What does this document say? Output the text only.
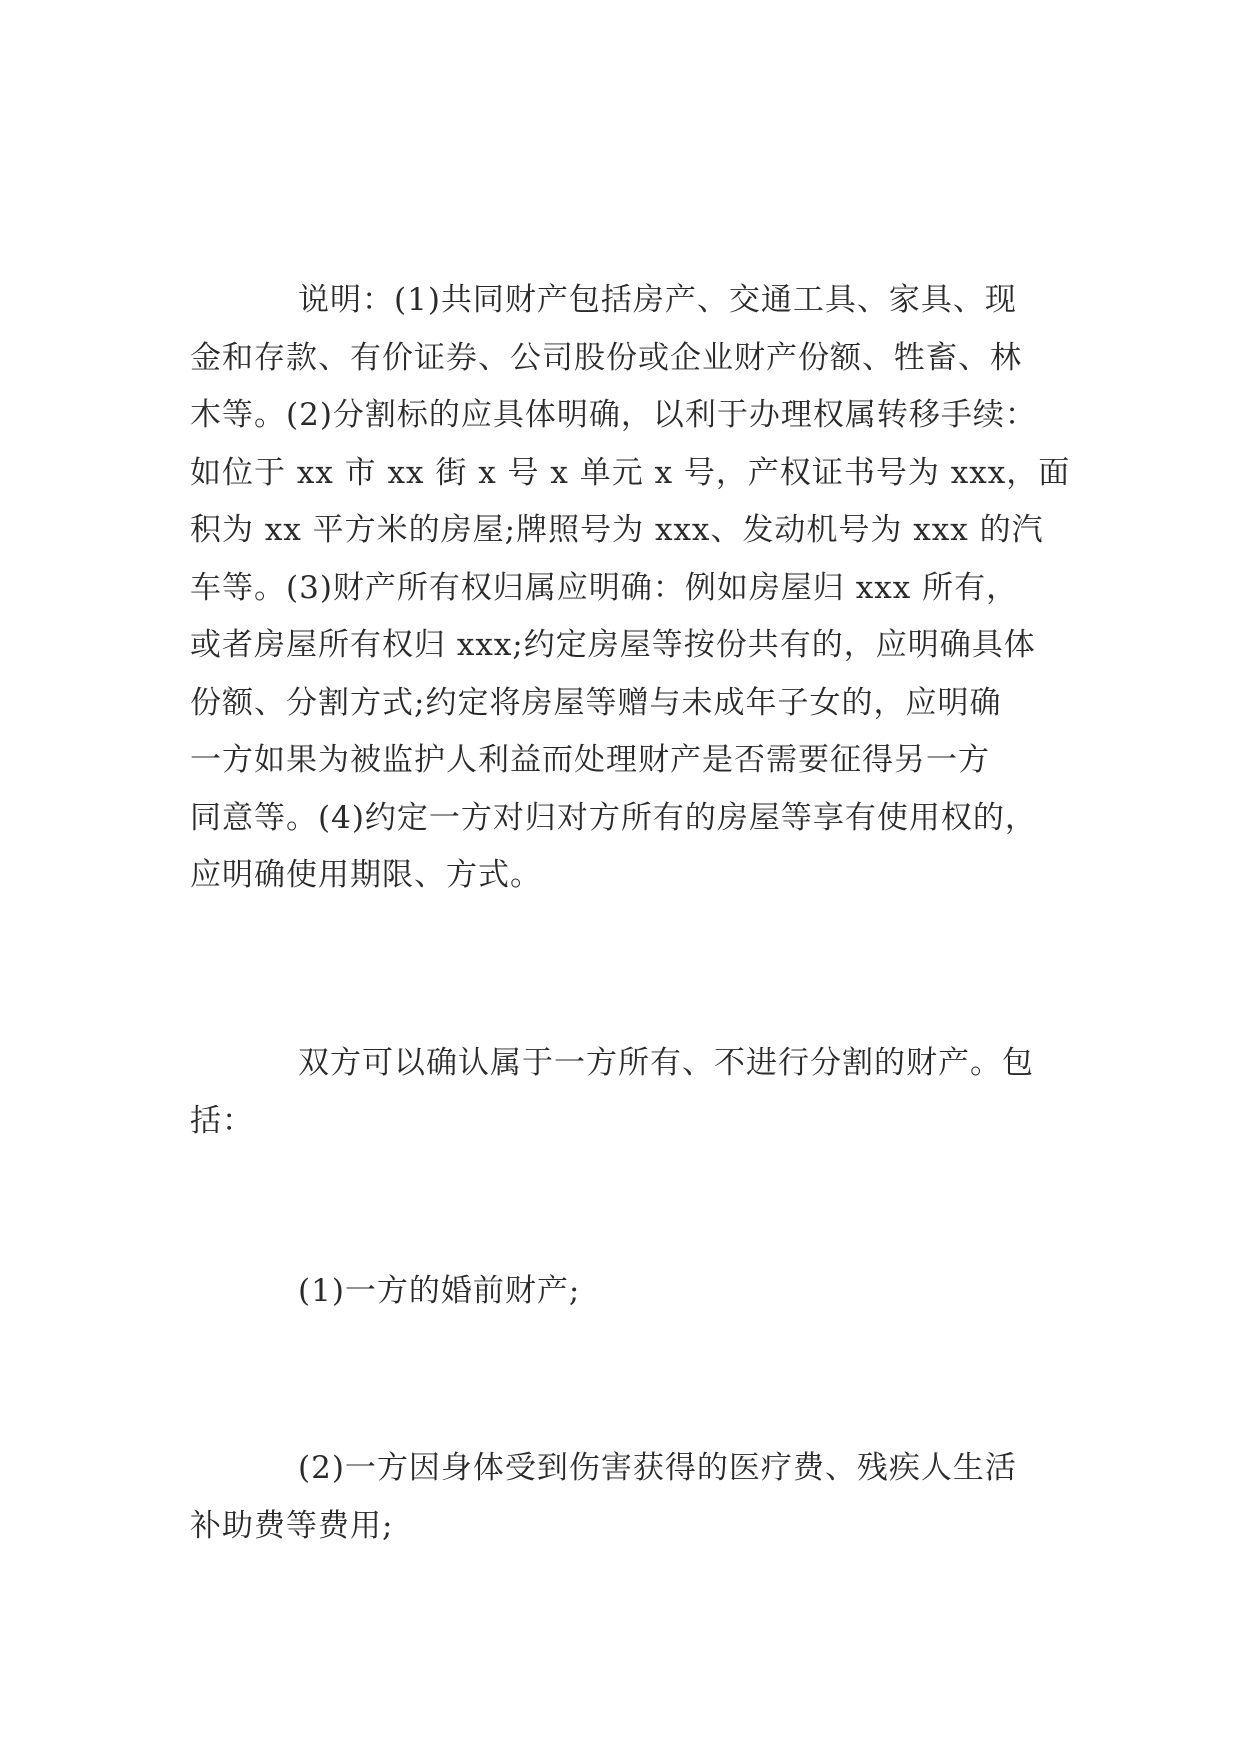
说明：(1)共同财产包括房产、交通工具、家具、现
金和存款、有价证券、公司股份或企业财产份额、牲畜、林
木等。(2)分割标的应具体明确，以利于办理权属转移手续：
如位于 xx 市 xx 街 x 号 x 单元 x 号，产权证书号为 xxx，面
积为 xx 平方米的房屋;牌照号为 xxx、发动机号为 xxx 的汽
车等。(3)财产所有权归属应明确：例如房屋归 xxx 所有，
或者房屋所有权归 xxx;约定房屋等按份共有的，应明确具体
份额、分割方式;约定将房屋等赠与未成年子女的，应明确
一方如果为被监护人利益而处理财产是否需要征得另一方
同意等。(4)约定一方对归对方所有的房屋等享有使用权的，
应明确使用期限、方式。
双方可以确认属于一方所有、不进行分割的财产。包
括：
(1)一方的婚前财产;
(2)一方因身体受到伤害获得的医疗费、残疾人生活
补助费等费用;
